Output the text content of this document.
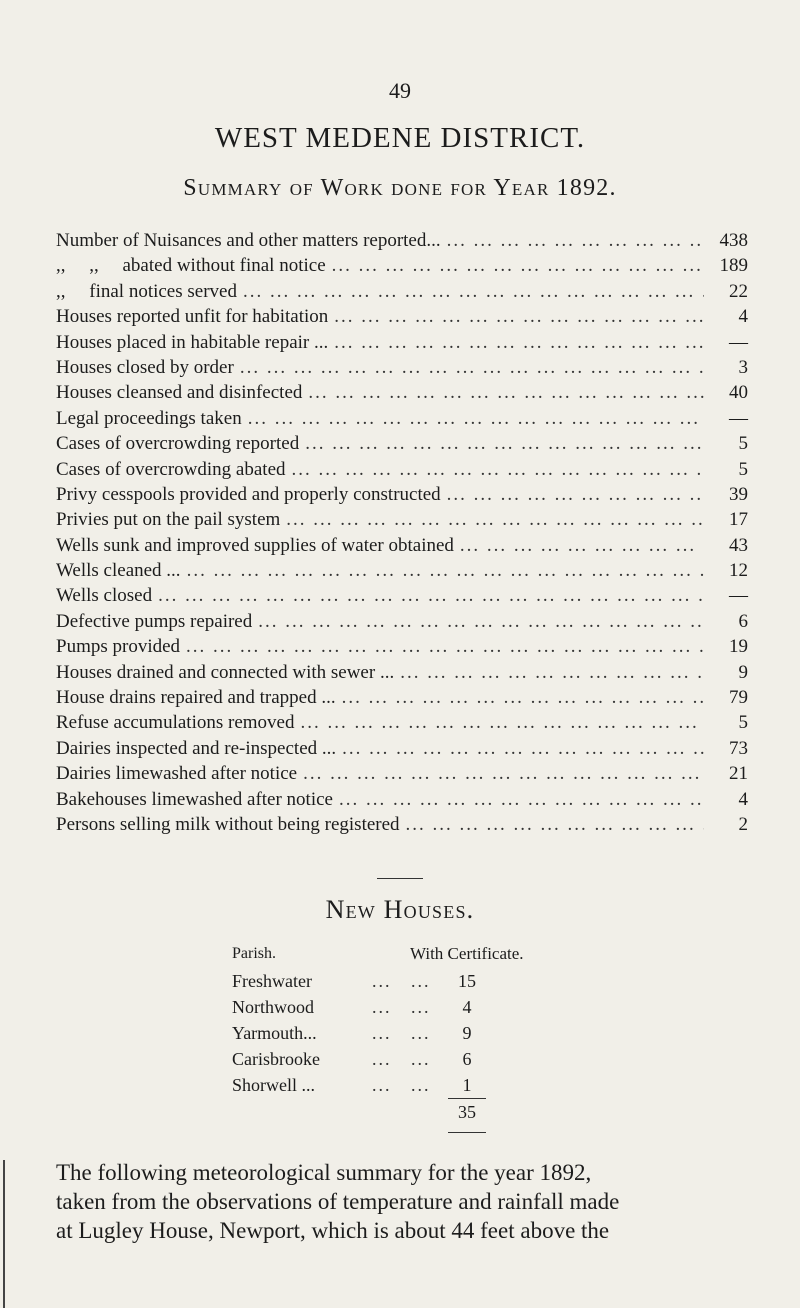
49
WEST MEDENE DISTRICT.
Summary of Work done for Year 1892.
Number of Nuisances and other matters reported... ... .	438
,,     ,,     abated without final notice ... .	189
,,     final notices served ... .	22
Houses reported unfit for habitation ... .	4
Houses placed in habitable repair ... ... .	—
Houses closed by order ... .	3
Houses cleansed and disinfected ... .	40
Legal proceedings taken ... .	—
Cases of overcrowding reported ... .	5
Cases of overcrowding abated ... .	5
Privy cesspools provided and properly constructed ... .	39
Privies put on the pail system ... .	17
Wells sunk and improved supplies of water obtained ... .	43
Wells cleaned ... ... .	12
Wells closed ... .	—
Defective pumps repaired ... .	6
Pumps provided ... .	19
Houses drained and connected with sewer ... ... .	9
House drains repaired and trapped ... ... .	79
Refuse accumulations removed ... .	5
Dairies inspected and re-inspected ... ... .	73
Dairies limewashed after notice ... .	21
Bakehouses limewashed after notice ... .	4
Persons selling milk without being registered ... .	2
New Houses.
Parish.	With Certificate.
Freshwater ...	15
Northwood ...	4
Yarmouth... ...	9
Carisbrooke ...	6
Shorwell ... ...	1
35
The following meteorological summary for the year 1892,
taken from the observations of temperature and rainfall made
at Lugley House, Newport, which is about 44 feet above the
